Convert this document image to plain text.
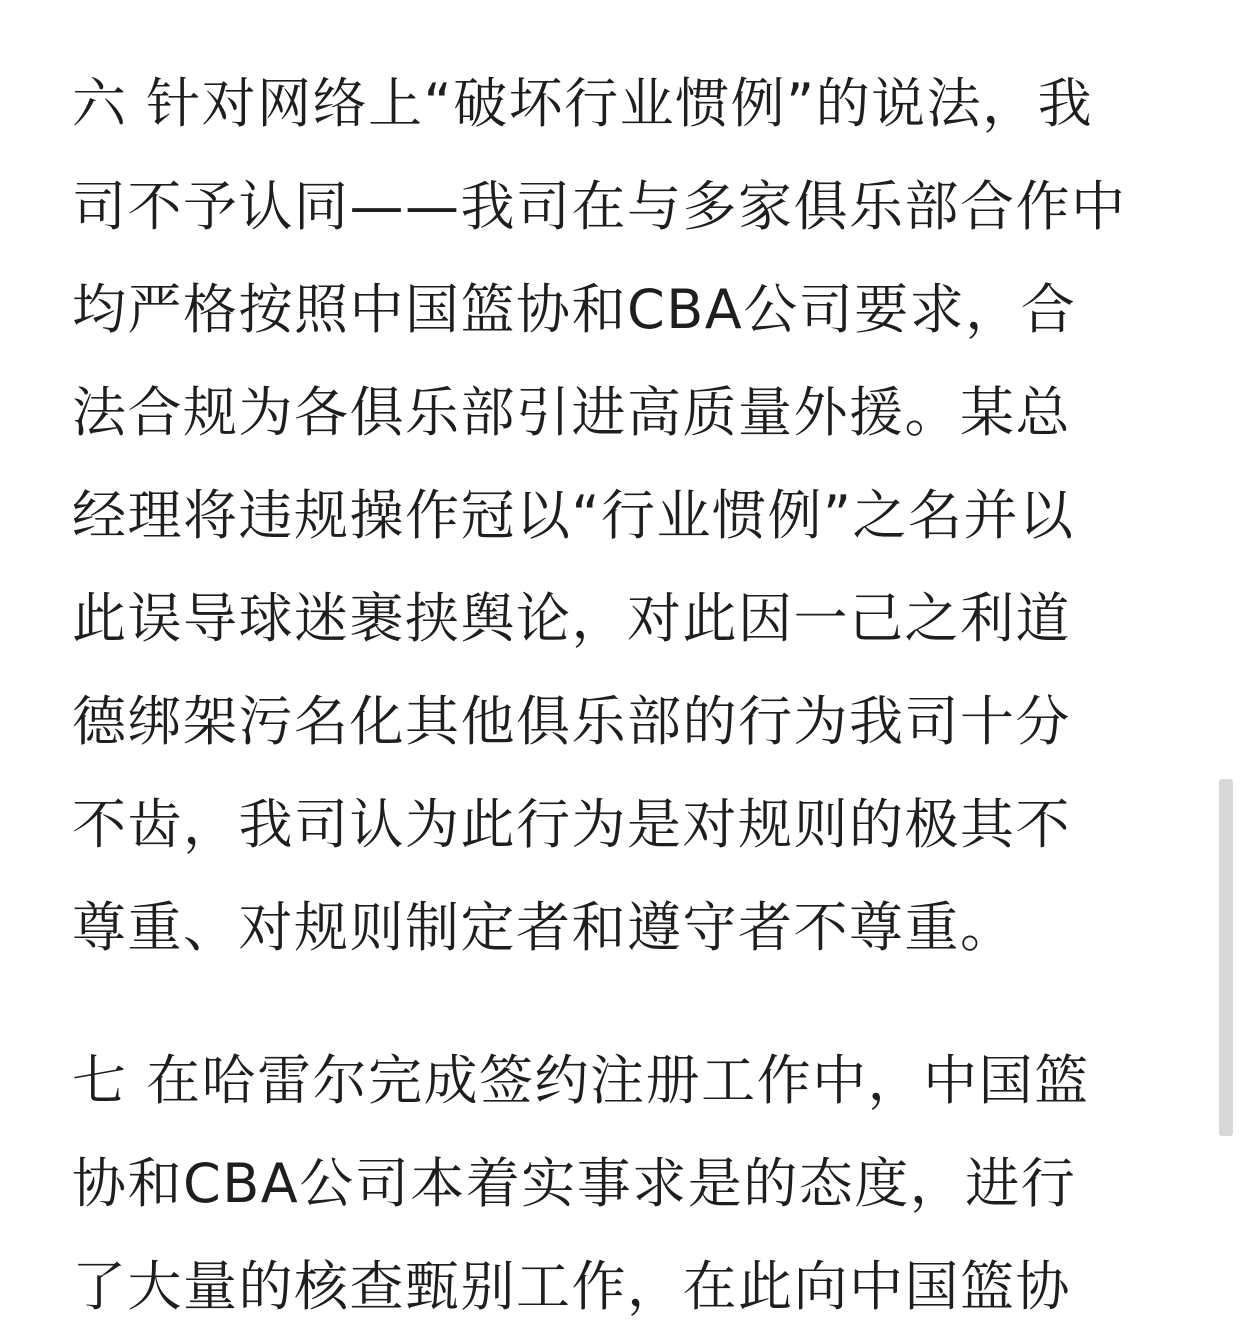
六 针对网络上“破坏行业惯例”的说法，我
司不予认同——我司在与多家俱乐部合作中
均严格按照中国篮协和CBA公司要求，合
法合规为各俱乐部引进高质量外援。某总
经理将违规操作冠以“行业惯例”之名并以
此误导球迷裹挟舆论，对此因一己之利道
德绑架污名化其他俱乐部的行为我司十分
不齿，我司认为此行为是对规则的极其不
尊重、对规则制定者和遵守者不尊重。
七 在哈雷尔完成签约注册工作中，中国篮
协和CBA公司本着实事求是的态度，进行
了大量的核查甄别工作，在此向中国篮协
